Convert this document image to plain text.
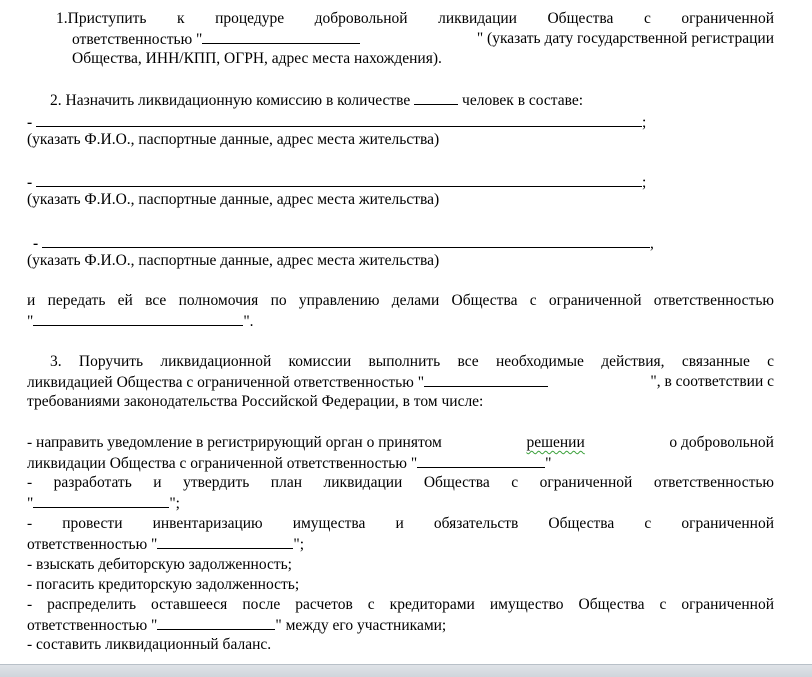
1.Приступить к процедуре добровольной ликвидации Общества с ограниченной
ответственностью "	" (указать дату государственной регистрации
Общества, ИНН/КПП, ОГРН, адрес места нахождения).
2. Назначить ликвидационную комиссию в количестве	человек в составе:
-	;
(указать Ф.И.О., паспортные данные, адрес места жительства)
-	;
(указать Ф.И.О., паспортные данные, адрес места жительства)
-	,
(указать Ф.И.О., паспортные данные, адрес места жительства)
и передать ей все полномочия по управлению делами Общества с ограниченной ответственностью
"	".
3. Поручить ликвидационной комиссии выполнить все необходимые действия, связанные с
ликвидацией Общества с ограниченной ответственностью "	", в соответствии с
требованиями законодательства Российской Федерации, в том числе:
- направить уведомление в регистрирующий орган о принятом	решении	о добровольной
ликвидации Общества с ограниченной ответственностью "	"
- разработать и утвердить план ликвидации Общества с ограниченной ответственностью
"	";
- провести инвентаризацию имущества и обязательств Общества с ограниченной
ответственностью "	";
- взыскать дебиторскую задолженность;
- погасить кредиторскую задолженность;
- распределить оставшееся после расчетов с кредиторами имущество Общества с ограниченной
ответственностью "	" между его участниками;
- составить ликвидационный баланс.
